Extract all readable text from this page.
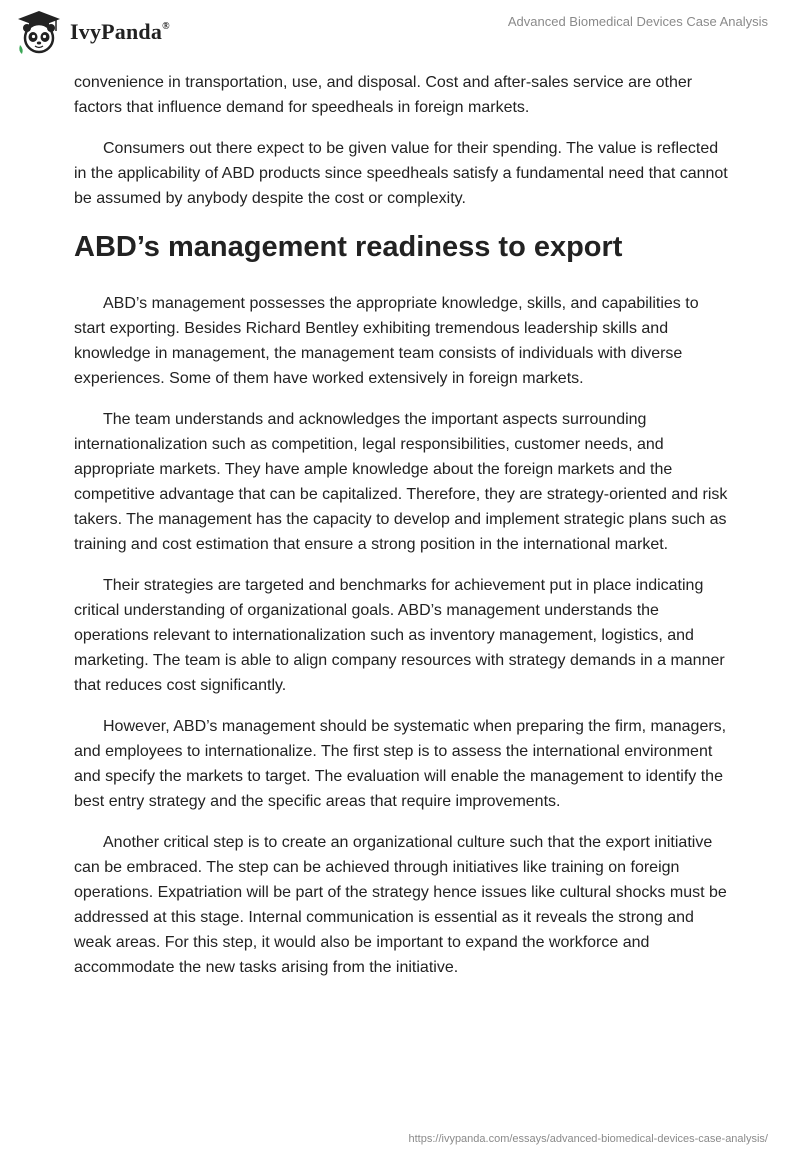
IvyPanda®	Advanced Biomedical Devices Case Analysis

convenience in transportation, use, and disposal. Cost and after-sales service are other factors that influence demand for speedheals in foreign markets.

Consumers out there expect to be given value for their spending. The value is reflected in the applicability of ABD products since speedheals satisfy a fundamental need that cannot be assumed by anybody despite the cost or complexity.

ABD’s management readiness to export

ABD’s management possesses the appropriate knowledge, skills, and capabilities to start exporting. Besides Richard Bentley exhibiting tremendous leadership skills and knowledge in management, the management team consists of individuals with diverse experiences. Some of them have worked extensively in foreign markets.

The team understands and acknowledges the important aspects surrounding internationalization such as competition, legal responsibilities, customer needs, and appropriate markets. They have ample knowledge about the foreign markets and the competitive advantage that can be capitalized. Therefore, they are strategy-oriented and risk takers. The management has the capacity to develop and implement strategic plans such as training and cost estimation that ensure a strong position in the international market.

Their strategies are targeted and benchmarks for achievement put in place indicating critical understanding of organizational goals. ABD’s management understands the operations relevant to internationalization such as inventory management, logistics, and marketing. The team is able to align company resources with strategy demands in a manner that reduces cost significantly.

However, ABD’s management should be systematic when preparing the firm, managers, and employees to internationalize. The first step is to assess the international environment and specify the markets to target. The evaluation will enable the management to identify the best entry strategy and the specific areas that require improvements.

Another critical step is to create an organizational culture such that the export initiative can be embraced. The step can be achieved through initiatives like training on foreign operations. Expatriation will be part of the strategy hence issues like cultural shocks must be addressed at this stage. Internal communication is essential as it reveals the strong and weak areas. For this step, it would also be important to expand the workforce and accommodate the new tasks arising from the initiative.

https://ivypanda.com/essays/advanced-biomedical-devices-case-analysis/
